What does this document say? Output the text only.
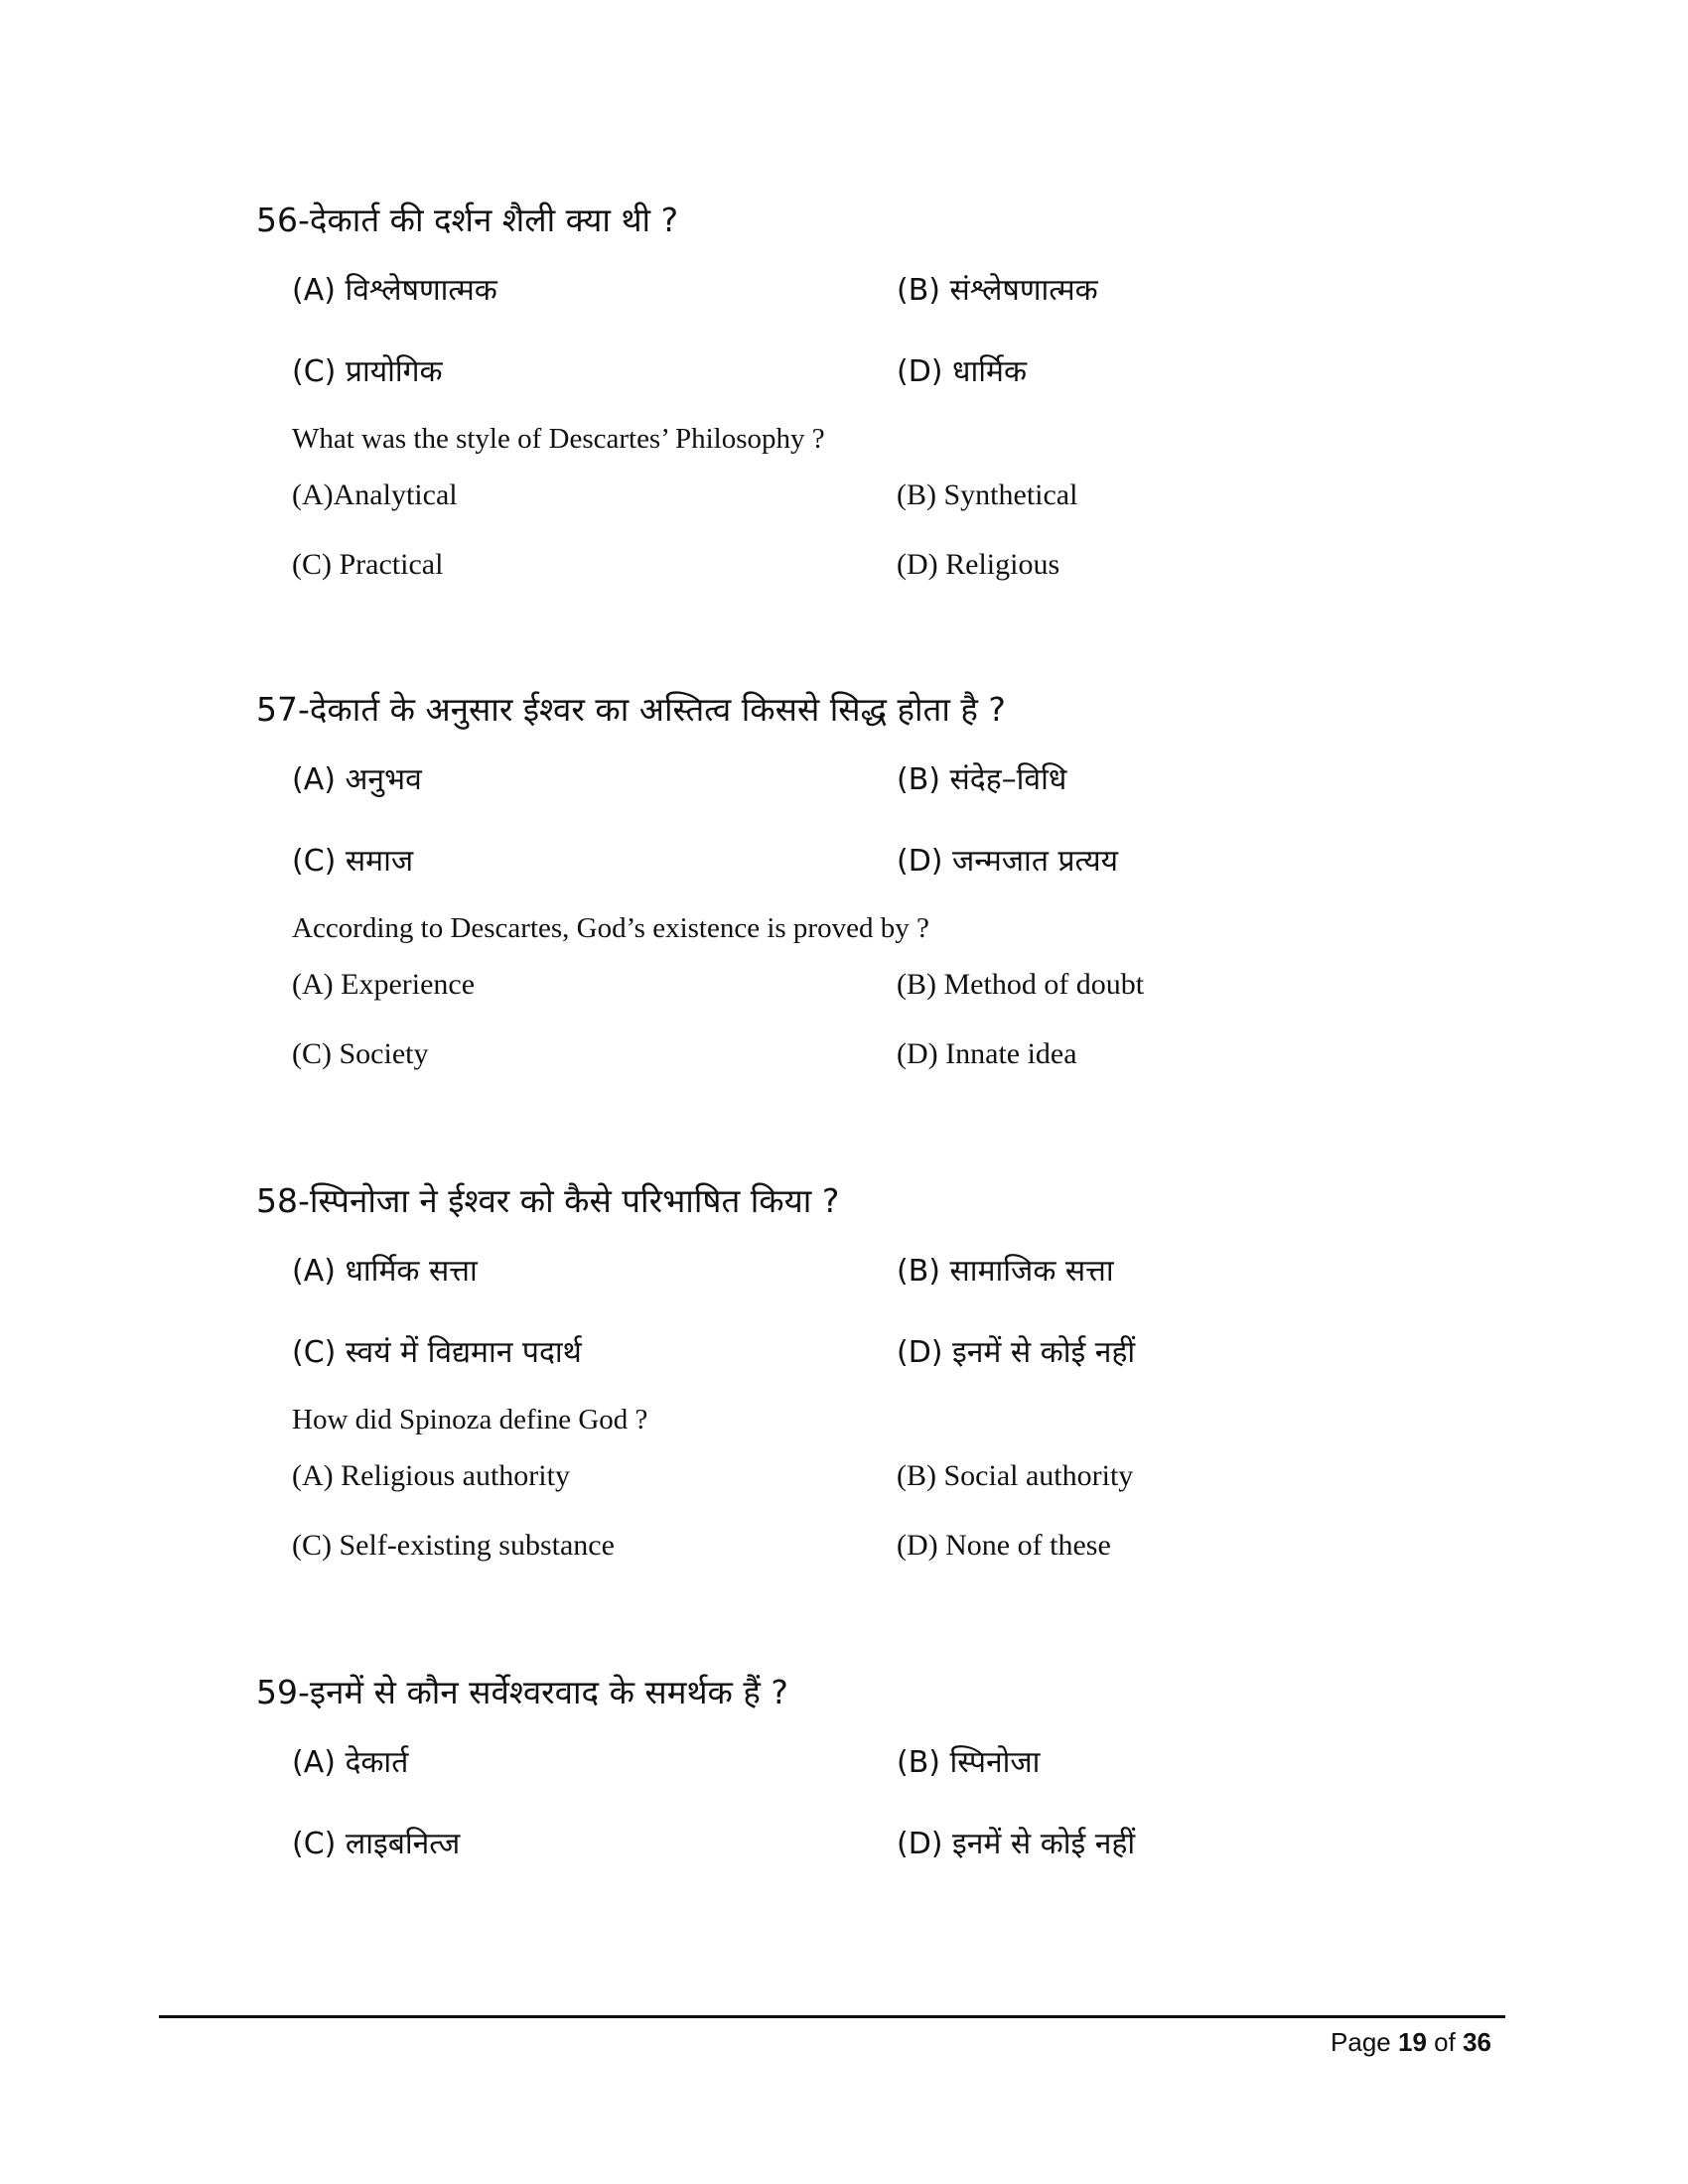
56-देकार्त की दर्शन शैली क्या थी ?
(A) विश्लेषणात्मक	(B) संश्लेषणात्मक
(C) प्रायोगिक	(D) धार्मिक
What was the style of Descartes’ Philosophy ?
(A)Analytical	(B) Synthetical
(C) Practical	(D) Religious
57-देकार्त के अनुसार ईश्वर का अस्तित्व किससे सिद्ध होता है ?
(A) अनुभव	(B) संदेह–विधि
(C) समाज	(D) जन्मजात प्रत्यय
According to Descartes, God’s existence is proved by ?
(A) Experience	(B) Method of doubt
(C) Society	(D) Innate idea
58-स्पिनोजा ने ईश्वर को कैसे परिभाषित किया ?
(A) धार्मिक सत्ता	(B) सामाजिक सत्ता
(C) स्वयं में विद्यमान पदार्थ	(D) इनमें से कोई नहीं
How did Spinoza define God ?
(A) Religious authority	(B) Social authority
(C) Self-existing substance	(D) None of these
59-इनमें से कौन सर्वेश्वरवाद के समर्थक हैं ?
(A) देकार्त	(B) स्पिनोजा
(C) लाइबनित्ज	(D) इनमें से कोई नहीं
Page 19 of 36
